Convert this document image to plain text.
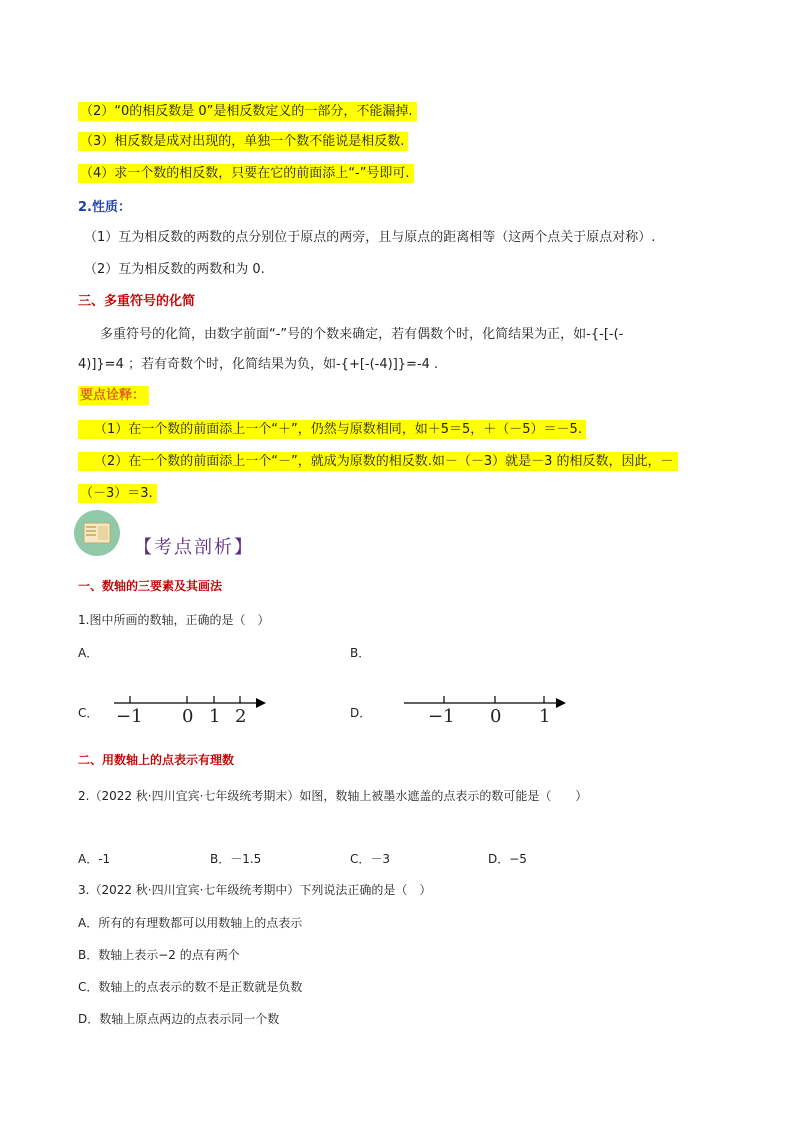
（2）“0的相反数是 0”是相反数定义的一部分，不能漏掉.
（3）相反数是成对出现的，单独一个数不能说是相反数.
（4）求一个数的相反数，只要在它的前面添上“-”号即可.
2.性质：
（1）互为相反数的两数的点分别位于原点的两旁，且与原点的距离相等（这两个点关于原点对称）.
（2）互为相反数的两数和为 0.
三、多重符号的化简
多重符号的化简，由数字前面“-”号的个数来确定，若有偶数个时，化简结果为正，如-{-[-(-
4)]}=4 ；若有奇数个时，化简结果为负，如-{+[-(-4)]}=-4 .
要点诠释：
（1）在一个数的前面添上一个“＋”，仍然与原数相同，如＋5＝5，＋（－5）＝－5.
（2）在一个数的前面添上一个“－”，就成为原数的相反数.如－（－3）就是－3 的相反数，因此，－
（－3）＝3.
【考点剖析】
一、数轴的三要素及其画法
1.图中所画的数轴，正确的是（　）
A．	B．
C．	D．
−1 0 1 2	−1 0 1
二、用数轴上的点表示有理数
2.（2022 秋·四川宜宾·七年级统考期末）如图，数轴上被墨水遮盖的点表示的数可能是（　　）
A．-1	B．－1.5	C．－3	D．−5
3.（2022 秋·四川宜宾·七年级统考期中）下列说法正确的是（　）
A．所有的有理数都可以用数轴上的点表示
B．数轴上表示−2 的点有两个
C．数轴上的点表示的数不是正数就是负数
D．数轴上原点两边的点表示同一个数
